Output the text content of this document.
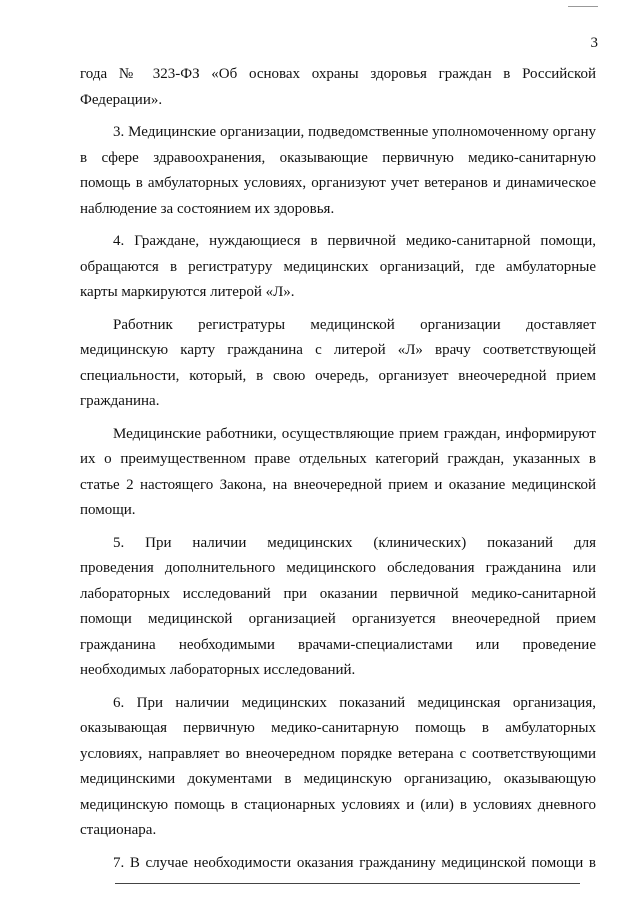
3
года № 323-ФЗ «Об основах охраны здоровья граждан в Российской
Федерации».
3. Медицинские организации, подведомственные уполномоченному органу
в сфере здравоохранения, оказывающие первичную медико-санитарную
помощь в амбулаторных условиях, организуют учет ветеранов и динамическое
наблюдение за состоянием их здоровья.
4. Граждане, нуждающиеся в первичной медико-санитарной помощи,
обращаются в регистратуру медицинских организаций, где амбулаторные
карты маркируются литерой «Л».
Работник регистратуры медицинской организации доставляет
медицинскую карту гражданина с литерой «Л» врачу соответствующей
специальности, который, в свою очередь, организует внеочередной прием
гражданина.
Медицинские работники, осуществляющие прием граждан, информируют
их о преимущественном праве отдельных категорий граждан, указанных в
статье 2 настоящего Закона, на внеочередной прием и оказание медицинской
помощи.
5. При наличии медицинских (клинических) показаний для
проведения дополнительного медицинского обследования гражданина или
лабораторных исследований при оказании первичной медико-санитарной
помощи медицинской организацией организуется внеочередной прием
гражданина необходимыми врачами-специалистами или проведение
необходимых лабораторных исследований.
6. При наличии медицинских показаний медицинская организация,
оказывающая первичную медико-санитарную помощь в амбулаторных
условиях, направляет во внеочередном порядке ветерана с соответствующими
медицинскими документами в медицинскую организацию, оказывающую
медицинскую помощь в стационарных условиях и (или) в условиях дневного
стационара.
7. В случае необходимости оказания гражданину медицинской помощи в
